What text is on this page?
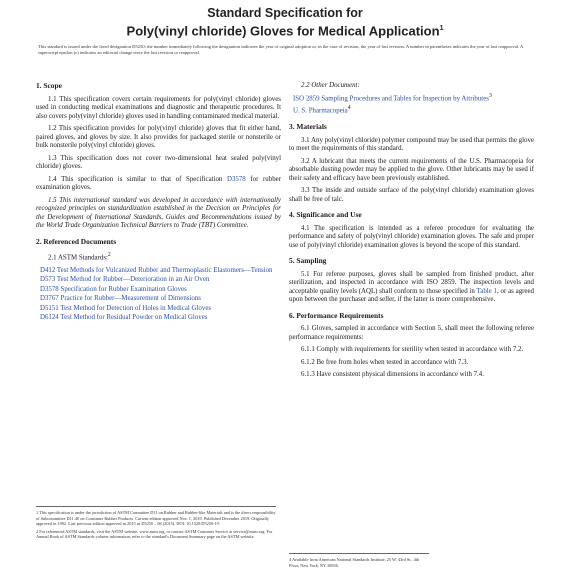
Standard Specification for
Poly(vinyl chloride) Gloves for Medical Application$^1$
This standard is issued under the fixed designation D5250; the number immediately following the designation indicates the year of original adoption or, in the case of revision, the year of last revision. A number in parentheses indicates the year of last reapproval. A superscript epsilon (ε) indicates an editorial change since the last revision or reapproval.
1. Scope

1.1 This specification covers certain requirements for poly(vinyl chloride) gloves used in conducting medical examinations and diagnostic and therapeutic procedures. It also covers poly(vinyl chloride) gloves used in handling contaminated medical material.

1.2 This specification provides for poly(vinyl chloride) gloves that fit either hand, paired gloves, and gloves by size. It also provides for packaged sterile or nonsterile or bulk nonsterile poly(vinyl chloride) gloves.

1.3 This specification does not cover two-dimensional heat sealed poly(vinyl chloride) gloves.

1.4 This specification is similar to that of Specification D3578 for rubber examination gloves.

1.5 This international standard was developed in accordance with internationally recognized principles on standardization established in the Decision on Principles for the Development of International Standards, Guides and Recommendations issued by the World Trade Organization Technical Barriers to Trade (TBT) Committee.

2. Referenced Documents

2.1 ASTM Standards:$^2$

D412 Test Methods for Vulcanized Rubber and Thermoplastic Elastomers—Tension
D573 Test Method for Rubber—Deterioration in an Air Oven
D3578 Specification for Rubber Examination Gloves
D3767 Practice for Rubber—Measurement of Dimensions
D5151 Test Method for Detection of Holes in Medical Gloves
D6124 Test Method for Residual Powder on Medical Gloves
2.2 Other Document:
ISO 2859 Sampling Procedures and Tables for Inspection by Attributes$^3$
U. S. Pharmacopeia$^4$
3. Materials

3.1 Any poly(vinyl chloride) polymer compound may be used that permits the glove to meet the requirements of this standard.

3.2 A lubricant that meets the current requirements of the U.S. Pharmacopeia for absorbable dusting powder may be applied to the glove. Other lubricants may be used if their safety and efficacy have been previously established.

3.3 The inside and outside surface of the poly(vinyl chloride) examination gloves shall be free of talc.

4. Significance and Use

4.1 The specification is intended as a referee procedure for evaluating the performance and safety of poly(vinyl chloride) examination gloves. The safe and proper use of poly(vinyl chloride) examination gloves is beyond the scope of this standard.

5. Sampling

5.1 For referee purposes, gloves shall be sampled from finished product, after sterilization, and inspected in accordance with ISO 2859. The inspection levels and acceptable quality levels (AQL) shall conform to those specified in Table 1, or as agreed upon between the purchaser and seller, if the latter is more comprehensive.

6. Performance Requirements

6.1 Gloves, sampled in accordance with Section 5, shall meet the following referee performance requirements:

6.1.1 Comply with requirements for sterility when tested in accordance with 7.2.

6.1.2 Be free from holes when tested in accordance with 7.3.

6.1.3 Have consistent physical dimensions in accordance with 7.4.

1 This specification is under the jurisdiction of ASTM Committee D11 on Rubber and Rubber-like Materials and is the direct responsibility of Subcommittee D11.40 on Consumer Rubber Products. Current edition approved Nov. 1, 2019. Published December 2019. Originally approved in 1992. Last previous edition approved in 2015 as D5250 – 06 (2015). DOI: 10.1520/D5250-19.
2 For referenced ASTM standards, visit the ASTM website, www.astm.org, or contact ASTM Customer Service at service@astm.org. For Annual Book of ASTM Standards volume information, refer to the standard's Document Summary page on the ASTM website.
4 Available from American National Standards Institute, 25 W. 43rd St., 4th Floor, New York, NY 10036.
